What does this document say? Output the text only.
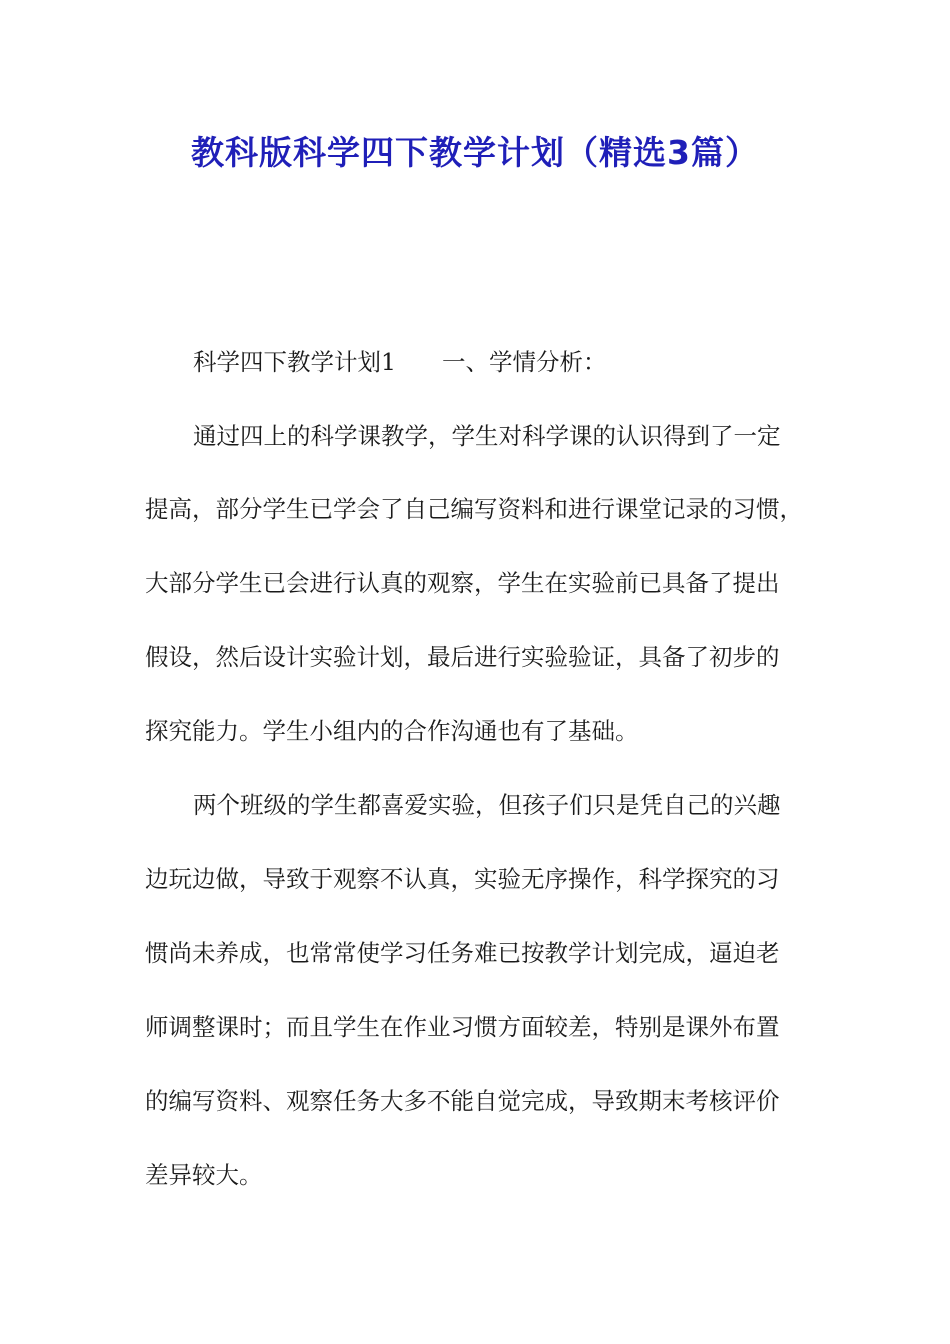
教科版科学四下教学计划（精选3篇）

科学四下教学计划1 一、学情分析：

通过四上的科学课教学，学生对科学课的认识得到了一定

提高，部分学生已学会了自己编写资料和进行课堂记录的习惯，

大部分学生已会进行认真的观察，学生在实验前已具备了提出

假设，然后设计实验计划，最后进行实验验证，具备了初步的

探究能力。学生小组内的合作沟通也有了基础。

两个班级的学生都喜爱实验，但孩子们只是凭自己的兴趣

边玩边做，导致于观察不认真，实验无序操作，科学探究的习

惯尚未养成，也常常使学习任务难已按教学计划完成，逼迫老

师调整课时；而且学生在作业习惯方面较差，特别是课外布置

的编写资料、观察任务大多不能自觉完成，导致期末考核评价

差异较大。
